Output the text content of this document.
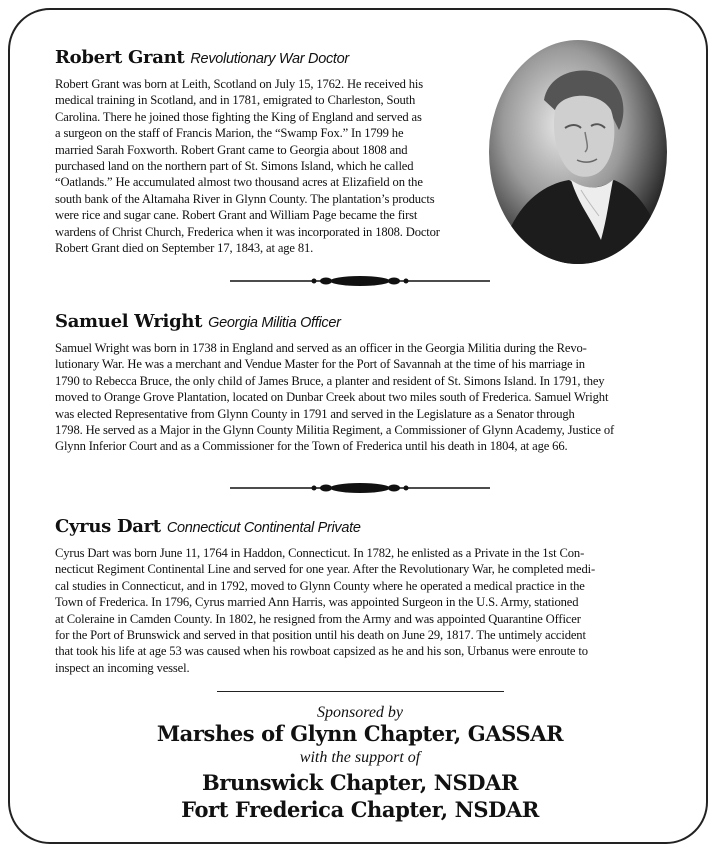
Robert Grant Revolutionary War Doctor

Robert Grant was born at Leith, Scotland on July 15, 1762. He received his
medical training in Scotland, and in 1781, emigrated to Charleston, South
Carolina. There he joined those fighting the King of England and served as
a surgeon on the staff of Francis Marion, the “Swamp Fox.” In 1799 he
married Sarah Foxworth. Robert Grant came to Georgia about 1808 and
purchased land on the northern part of St. Simons Island, which he called
“Oatlands.” He accumulated almost two thousand acres at Elizafield on the
south bank of the Altamaha River in Glynn County. The plantation’s products
were rice and sugar cane. Robert Grant and William Page became the first
wardens of Christ Church, Frederica when it was incorporated in 1808. Doctor
Robert Grant died on September 17, 1843, at age 81.

Samuel Wright Georgia Militia Officer

Samuel Wright was born in 1738 in England and served as an officer in the Georgia Militia during the Revo-
lutionary War. He was a merchant and Vendue Master for the Port of Savannah at the time of his marriage in
1790 to Rebecca Bruce, the only child of James Bruce, a planter and resident of St. Simons Island. In 1791, they
moved to Orange Grove Plantation, located on Dunbar Creek about two miles south of Frederica. Samuel Wright
was elected Representative from Glynn County in 1791 and served in the Legislature as a Senator through
1798. He served as a Major in the Glynn County Militia Regiment, a Commissioner of Glynn Academy, Justice of
Glynn Inferior Court and as a Commissioner for the Town of Frederica until his death in 1804, at age 66.

Cyrus Dart Connecticut Continental Private

Cyrus Dart was born June 11, 1764 in Haddon, Connecticut. In 1782, he enlisted as a Private in the 1st Con-
necticut Regiment Continental Line and served for one year. After the Revolutionary War, he completed medi-
cal studies in Connecticut, and in 1792, moved to Glynn County where he operated a medical practice in the
Town of Frederica. In 1796, Cyrus married Ann Harris, was appointed Surgeon in the U.S. Army, stationed
at Coleraine in Camden County. In 1802, he resigned from the Army and was appointed Quarantine Officer
for the Port of Brunswick and served in that position until his death on June 29, 1817. The untimely accident
that took his life at age 53 was caused when his rowboat capsized as he and his son, Urbanus were enroute to
inspect an incoming vessel.

Sponsored by
Marshes of Glynn Chapter, GASSAR
with the support of
Brunswick Chapter, NSDAR
Fort Frederica Chapter, NSDAR
